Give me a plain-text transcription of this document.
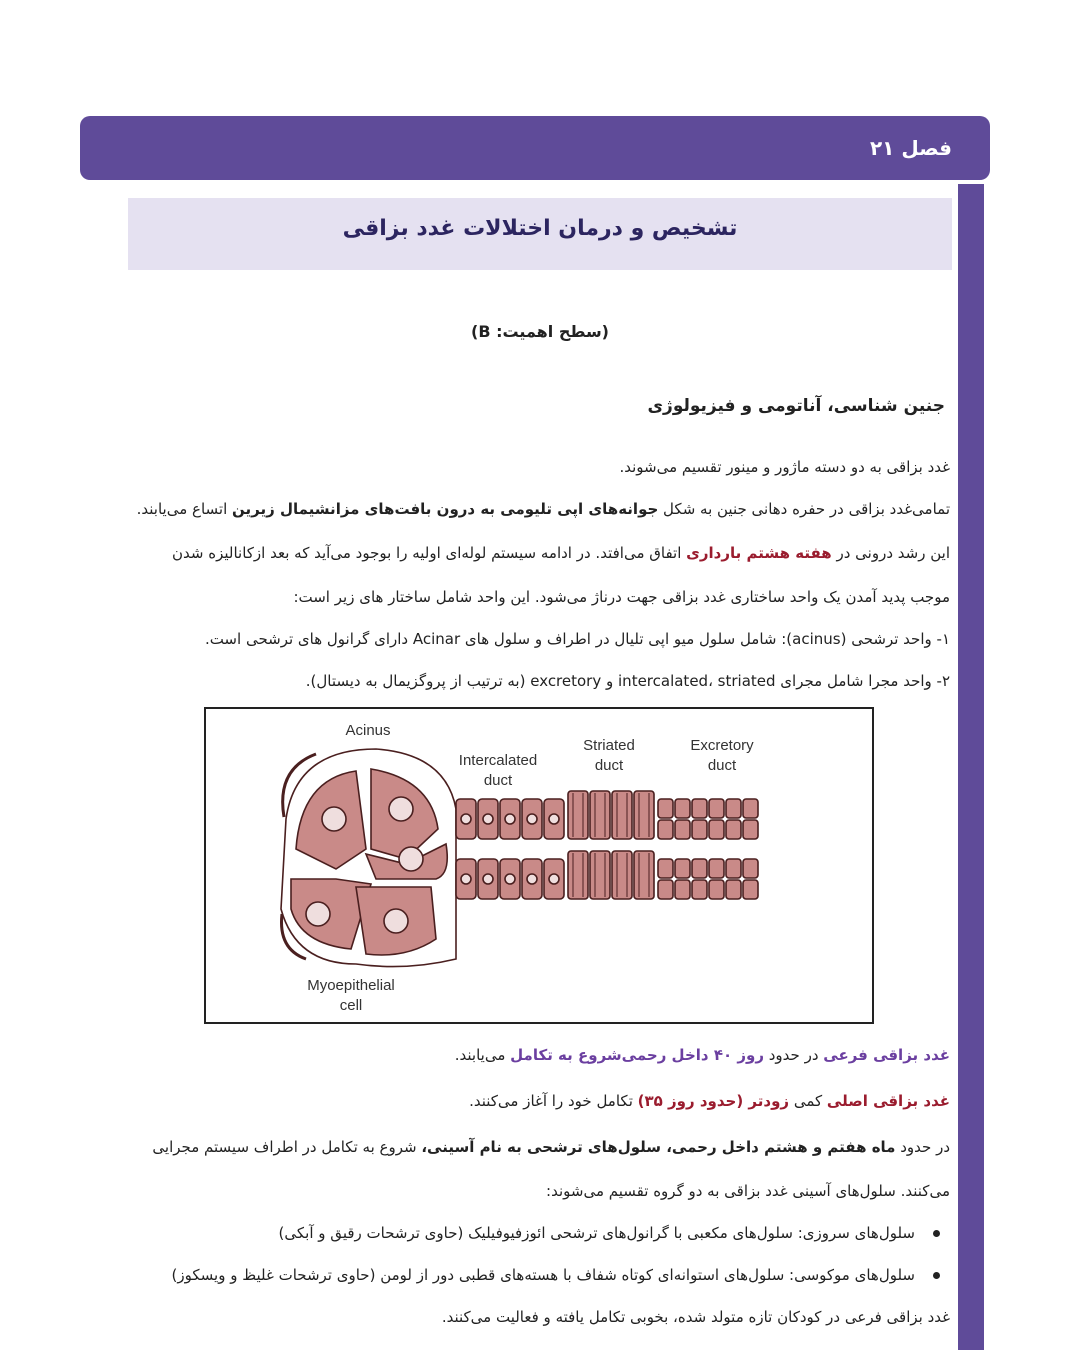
فصل ۲۱
تشخیص و درمان اختلالات غدد بزاقی
(سطح اهمیت: B)
جنین شناسی، آناتومی و فیزیولوژی
غدد بزاقی به دو دسته ماژور و مینور تقسیم می‌شوند.
تمامی‌غدد بزاقی در حفره دهانی جنین به شکل جوانه‌های اپی تلیومی به درون بافت‌های مزانشیمال زیرین اتساع می‌یابند.
این رشد درونی در هفته هشتم بارداری اتفاق می‌افتد. در ادامه سیستم لوله‌ای اولیه را بوجود می‌آید که بعد ازکانالیزه شدن
موجب پدید آمدن یک واحد ساختاری غدد بزاقی جهت درناژ می‌شود. این واحد شامل ساختار های زیر است:
۱- واحد ترشحی (acinus): شامل سلول میو اپی تلیال در اطراف و سلول های Acinar دارای گرانول های ترشحی است.
۲- واحد مجرا شامل مجرای intercalated، striated و excretory (به ترتیب از پروگزیمال به دیستال).
Acinus
Intercalated
duct
Striated
duct
Excretory
duct
Myoepithelial
cell
غدد بزاقی فرعی در حدود روز ۴۰ داخل رحمی‌شروع به تکامل می‌یابند.
غدد بزاقی اصلی کمی زودتر (حدود روز ۳۵) تکامل خود را آغاز می‌کنند.
در حدود ماه هفتم و هشتم داخل رحمی، سلول‌های ترشحی به نام آسینی، شروع به تکامل در اطراف سیستم مجرایی
می‌کنند. سلول‌های آسینی غدد بزاقی به دو گروه تقسیم می‌شوند:
سلول‌های سروزی: سلول‌های مکعبی با گرانول‌های ترشحی ائوزفیوفیلیک (حاوی ترشحات رقیق و آبکی)
سلول‌های موکوسی: سلول‌های استوانه‌ای کوتاه شفاف با هسته‌های قطبی دور از لومن (حاوی ترشحات غلیظ و ویسکوز)
غدد بزاقی فرعی در کودکان تازه متولد شده، بخوبی تکامل یافته و فعالیت می‌کنند.
